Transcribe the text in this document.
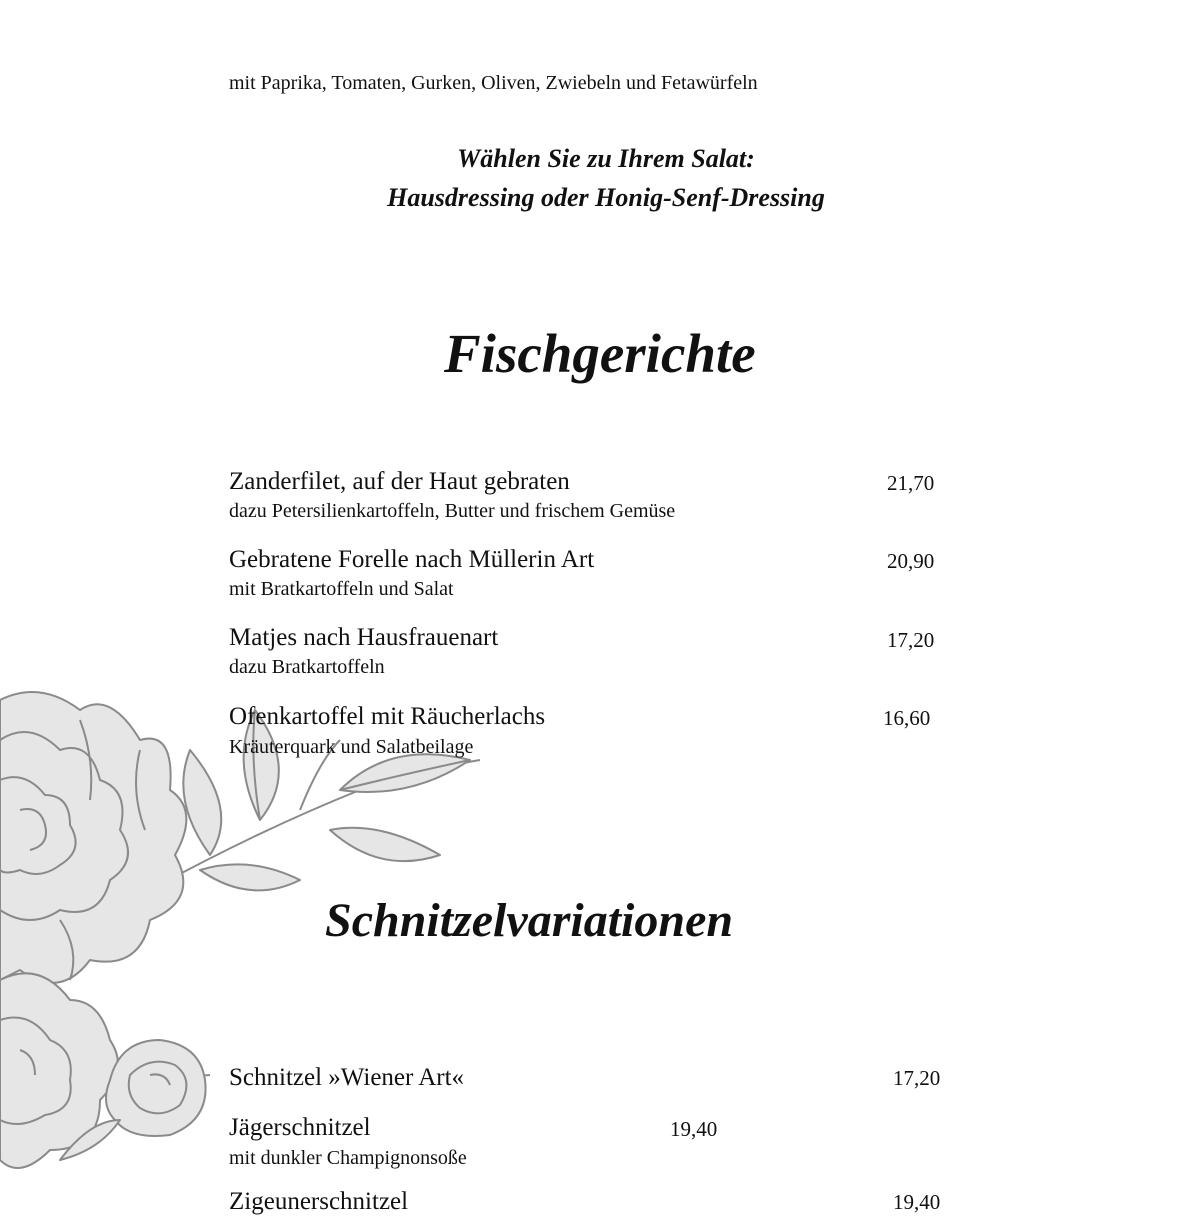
mit Paprika, Tomaten, Gurken, Oliven, Zwiebeln und Fetawürfeln
Wählen Sie zu Ihrem Salat:
Hausdressing oder Honig-Senf-Dressing
Fischgerichte
Zanderfilet, auf der Haut gebraten	21,70
dazu Petersilienkartoffeln, Butter und frischem Gemüse
Gebratene Forelle nach Müllerin Art	20,90
mit Bratkartoffeln und Salat
Matjes nach Hausfrauenart	17,20
dazu Bratkartoffeln
Ofenkartoffel mit Räucherlachs	16,60
Kräuterquark und Salatbeilage
Schnitzelvariationen
Schnitzel »Wiener Art«	17,20
Jägerschnitzel	19,40
mit dunkler Champignonsoße
Zigeunerschnitzel	19,40
